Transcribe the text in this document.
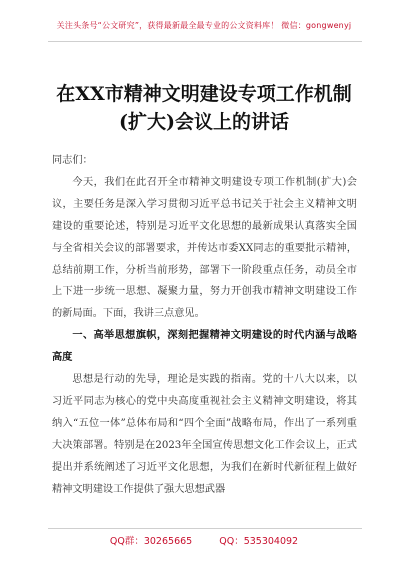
关注头条号“公文研究”，获得最新最全最专业的公文资料库！ 微信：gongwenyj
在XX市精神文明建设专项工作机制
(扩大)会议上的讲话

同志们：

今天，我们在此召开全市精神文明建设专项工作机制(扩大)会议，主要任务是深入学习贯彻习近平总书记关于社会主义精神文明建设的重要论述，特别是习近平文化思想的最新成果认真落实全国与全省相关会议的部署要求，并传达市委XX同志的重要批示精神，总结前期工作，分析当前形势，部署下一阶段重点任务，动员全市上下进一步统一思想、凝聚力量，努力开创我市精神文明建设工作的新局面。下面，我讲三点意见。

一、高举思想旗帜，深刻把握精神文明建设的时代内涵与战略高度

思想是行动的先导，理论是实践的指南。党的十八大以来，以习近平同志为核心的党中央高度重视社会主义精神文明建设，将其纳入“五位一体”总体布局和“四个全面”战略布局，作出了一系列重大决策部署。特别是在2023年全国宣传思想文化工作会议上，正式提出并系统阐述了习近平文化思想，为我们在新时代新征程上做好精神文明建设工作提供了强大思想武器

QQ群：30265665	QQ：535304092
